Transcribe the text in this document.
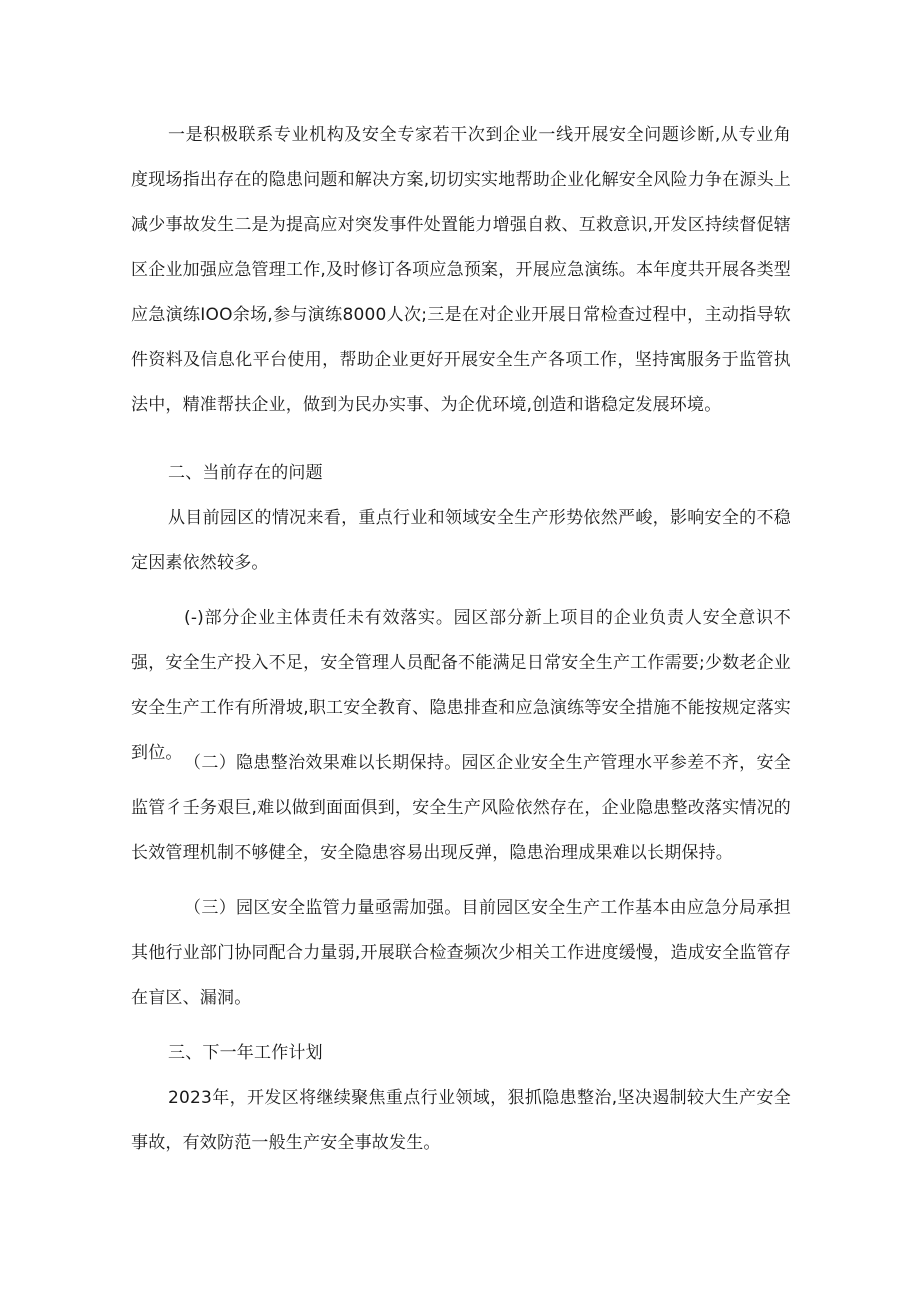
一是积极联系专业机构及安全专家若干次到企业一线开展安全问题诊断,从专业角度现场指出存在的隐患问题和解决方案,切切实实地帮助企业化解安全风险力争在源头上减少事故发生二是为提高应对突发事件处置能力增强自救、互救意识,开发区持续督促辖区企业加强应急管理工作,及时修订各项应急预案，开展应急演练。本年度共开展各类型应急演练IOO余场,参与演练8000人次;三是在对企业开展日常检查过程中，主动指导软件资料及信息化平台使用，帮助企业更好开展安全生产各项工作，坚持寓服务于监管执法中，精准帮扶企业，做到为民办实事、为企优环境,创造和谐稳定发展环境。

二、当前存在的问题

从目前园区的情况来看，重点行业和领域安全生产形势依然严峻，影响安全的不稳定因素依然较多。

(-)部分企业主体责任未有效落实。园区部分新上项目的企业负责人安全意识不强，安全生产投入不足，安全管理人员配备不能满足日常安全生产工作需要;少数老企业安全生产工作有所滑坡,职工安全教育、隐患排查和应急演练等安全措施不能按规定落实到位。 （二）隐患整治效果难以长期保持。园区企业安全生产管理水平参差不齐，安全监管彳壬务艰巨,难以做到面面俱到，安全生产风险依然存在，企业隐患整改落实情况的长效管理机制不够健全，安全隐患容易出现反弹，隐患治理成果难以长期保持。

（三）园区安全监管力量亟需加强。目前园区安全生产工作基本由应急分局承担其他行业部门协同配合力量弱,开展联合检查频次少相关工作进度缓慢，造成安全监管存在盲区、漏洞。

三、下一年工作计划

2023年，开发区将继续聚焦重点行业领域，狠抓隐患整治,坚决遏制较大生产安全事故，有效防范一般生产安全事故发生。
